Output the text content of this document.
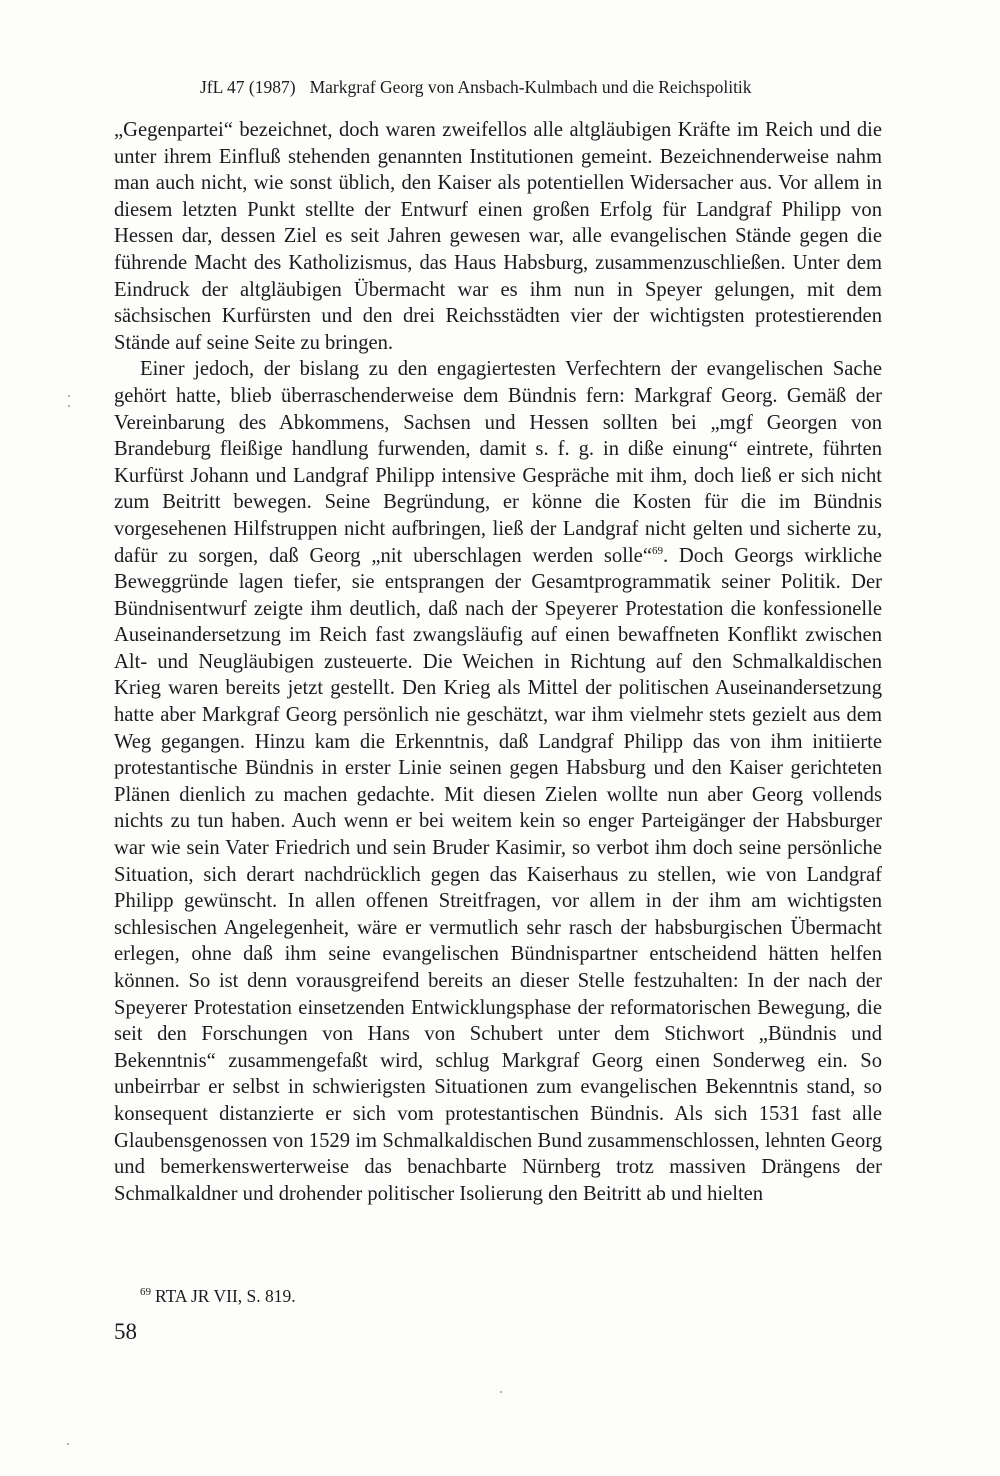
JfL 47 (1987) Markgraf Georg von Ansbach-Kulmbach und die Reichspolitik

„Gegenpartei“ bezeichnet, doch waren zweifellos alle altgläubigen Kräfte im Reich und die unter ihrem Einfluß stehenden genannten Institutionen gemeint. Bezeichnenderweise nahm man auch nicht, wie sonst üblich, den Kaiser als potentiellen Widersacher aus. Vor allem in diesem letzten Punkt stellte der Entwurf einen großen Erfolg für Landgraf Philipp von Hessen dar, dessen Ziel es seit Jahren gewesen war, alle evangelischen Stände gegen die führende Macht des Katholizismus, das Haus Habsburg, zusammenzuschließen. Unter dem Eindruck der altgläubigen Übermacht war es ihm nun in Speyer gelungen, mit dem sächsischen Kurfürsten und den drei Reichsstädten vier der wichtigsten protestierenden Stände auf seine Seite zu bringen.

Einer jedoch, der bislang zu den engagiertesten Verfechtern der evangelischen Sache gehört hatte, blieb überraschenderweise dem Bündnis fern: Markgraf Georg. Gemäß der Vereinbarung des Abkommens, Sachsen und Hessen sollten bei „mgf Georgen von Brandeburg fleißige handlung furwenden, damit s. f. g. in diße einung“ eintrete, führten Kurfürst Johann und Landgraf Philipp intensive Gespräche mit ihm, doch ließ er sich nicht zum Beitritt bewegen. Seine Begründung, er könne die Kosten für die im Bündnis vorgesehenen Hilfstruppen nicht aufbringen, ließ der Landgraf nicht gelten und sicherte zu, dafür zu sorgen, daß Georg „nit uberschlagen werden solle“$^{69}$. Doch Georgs wirkliche Beweggründe lagen tiefer, sie entsprangen der Gesamtprogrammatik seiner Politik. Der Bündnisentwurf zeigte ihm deutlich, daß nach der Speyerer Protestation die konfessionelle Auseinandersetzung im Reich fast zwangsläufig auf einen bewaffneten Konflikt zwischen Alt- und Neugläubigen zusteuerte. Die Weichen in Richtung auf den Schmalkaldischen Krieg waren bereits jetzt gestellt. Den Krieg als Mittel der politischen Auseinandersetzung hatte aber Markgraf Georg persönlich nie geschätzt, war ihm vielmehr stets gezielt aus dem Weg gegangen. Hinzu kam die Erkenntnis, daß Landgraf Philipp das von ihm initiierte protestantische Bündnis in erster Linie seinen gegen Habsburg und den Kaiser gerichteten Plänen dienlich zu machen gedachte. Mit diesen Zielen wollte nun aber Georg vollends nichts zu tun haben. Auch wenn er bei weitem kein so enger Parteigänger der Habsburger war wie sein Vater Friedrich und sein Bruder Kasimir, so verbot ihm doch seine persönliche Situation, sich derart nachdrücklich gegen das Kaiserhaus zu stellen, wie von Landgraf Philipp gewünscht. In allen offenen Streitfragen, vor allem in der ihm am wichtigsten schlesischen Angelegenheit, wäre er vermutlich sehr rasch der habsburgischen Übermacht erlegen, ohne daß ihm seine evangelischen Bündnispartner entscheidend hätten helfen können. So ist denn vorausgreifend bereits an dieser Stelle festzuhalten: In der nach der Speyerer Protestation einsetzenden Entwicklungsphase der reformatorischen Bewegung, die seit den Forschungen von Hans von Schubert unter dem Stichwort „Bündnis und Bekenntnis“ zusammengefaßt wird, schlug Markgraf Georg einen Sonderweg ein. So unbeirrbar er selbst in schwierigsten Situationen zum evangelischen Bekenntnis stand, so konsequent distanzierte er sich vom protestantischen Bündnis. Als sich 1531 fast alle Glaubensgenossen von 1529 im Schmalkaldischen Bund zusammenschlossen, lehnten Georg und bemerkenswerterweise das benachbarte Nürnberg trotz massiven Drängens der Schmalkaldner und drohender politischer Isolierung den Beitritt ab und hielten

$^{69}$ RTA JR VII, S. 819.
58
